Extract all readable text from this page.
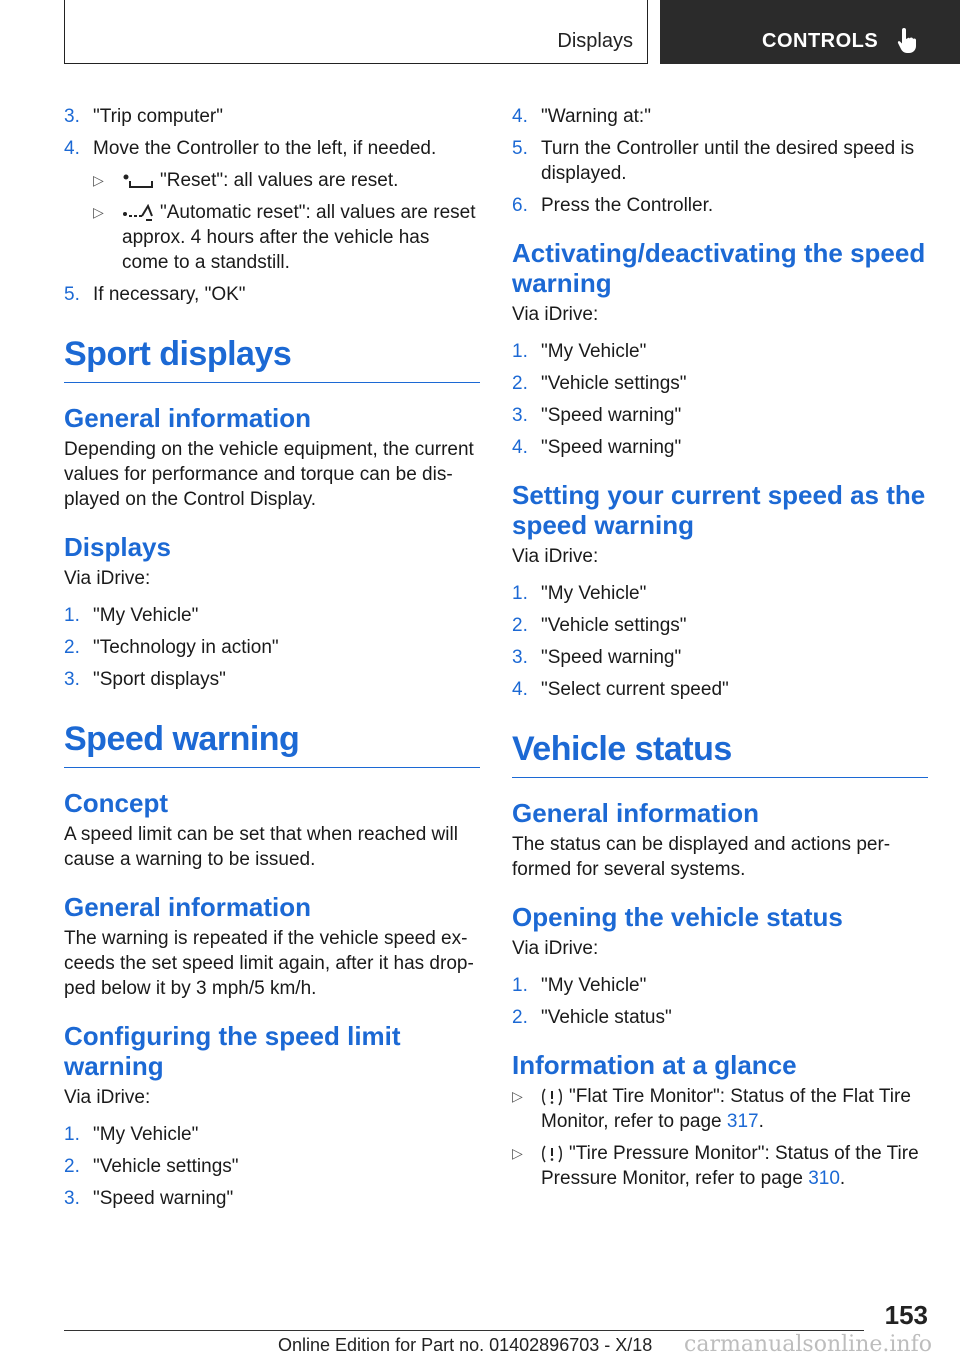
Displays	CONTROLS
3. "Trip computer"
4. Move the Controller to the left, if needed.
▷	"Reset": all values are reset.
▷	"Automatic reset": all values are reset approx. 4 hours after the vehicle has come to a standstill.
5. If necessary, "OK"
Sport displays
General information

Depending on the vehicle equipment, the current values for performance and torque can be dis-played on the Control Display.

Displays

Via iDrive:

1. "My Vehicle"
2. "Technology in action"
3. "Sport displays"
Speed warning
Concept

A speed limit can be set that when reached will cause a warning to be issued.

General information

The warning is repeated if the vehicle speed ex-ceeds the set speed limit again, after it has drop-ped below it by 3 mph/5 km/h.

Configuring the speed limit warning

Via iDrive:

1. "My Vehicle"
2. "Vehicle settings"
3. "Speed warning"
4. "Warning at:"
5. Turn the Controller until the desired speed is displayed.
6. Press the Controller.
Activating/deactivating the speed warning

Via iDrive:

1. "My Vehicle"
2. "Vehicle settings"
3. "Speed warning"
4. "Speed warning"
Setting your current speed as the speed warning

Via iDrive:

1. "My Vehicle"
2. "Vehicle settings"
3. "Speed warning"
4. "Select current speed"
Vehicle status
General information

The status can be displayed and actions per-formed for several systems.

Opening the vehicle status

Via iDrive:

1. "My Vehicle"
2. "Vehicle status"
Information at a glance
▷ "Flat Tire Monitor": Status of the Flat Tire Monitor, refer to page 317.
▷ "Tire Pressure Monitor": Status of the Tire Pressure Monitor, refer to page 310.
153
Online Edition for Part no. 01402896703 - X/18 carmanualsonline.info
